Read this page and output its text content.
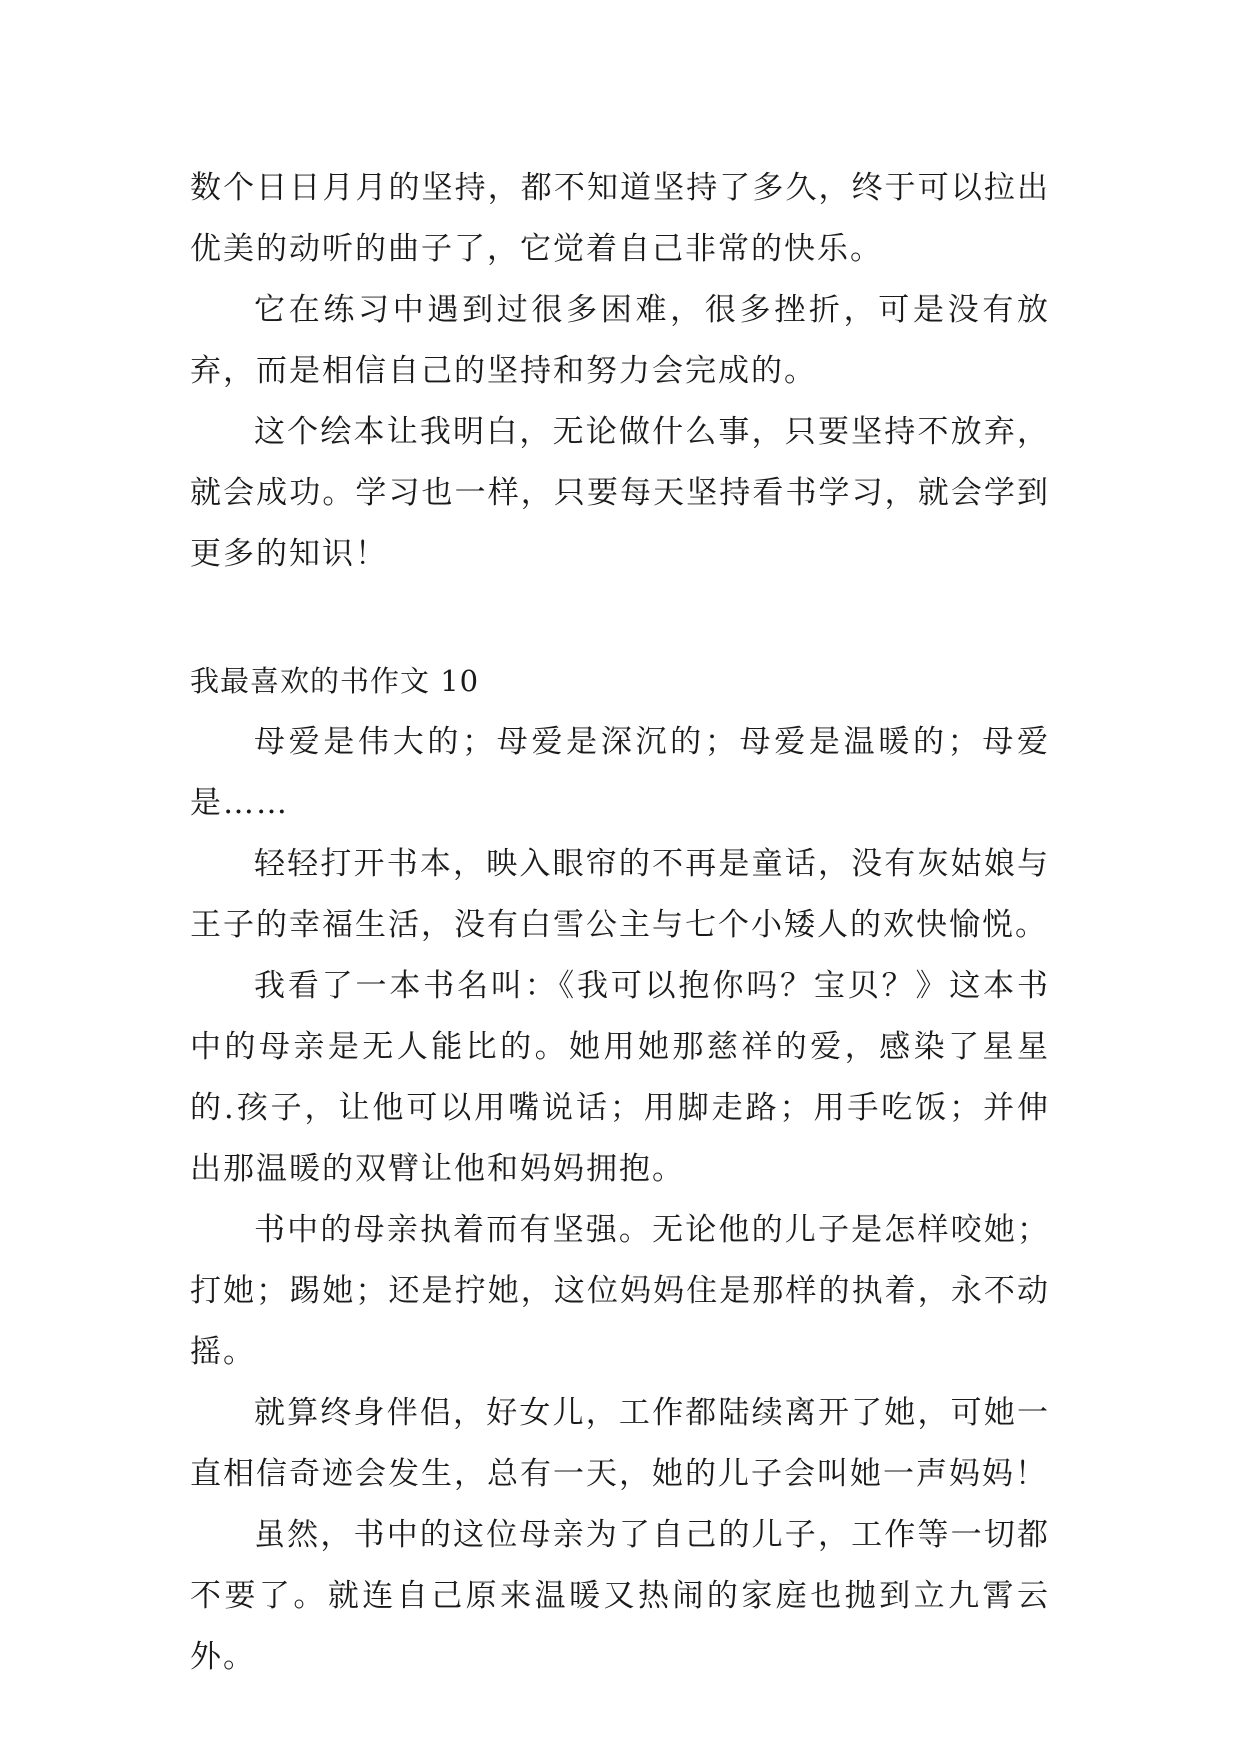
数个日日月月的坚持，都不知道坚持了多久，终于可以拉出优美的动听的曲子了，它觉着自己非常的快乐。

它在练习中遇到过很多困难，很多挫折，可是没有放弃，而是相信自己的坚持和努力会完成的。

这个绘本让我明白，无论做什么事，只要坚持不放弃，就会成功。学习也一样，只要每天坚持看书学习，就会学到更多的知识！

我最喜欢的书作文 10

母爱是伟大的；母爱是深沉的；母爱是温暖的；母爱是……

轻轻打开书本，映入眼帘的不再是童话，没有灰姑娘与王子的幸福生活，没有白雪公主与七个小矮人的欢快愉悦。

我看了一本书名叫：《我可以抱你吗？宝贝？》这本书中的母亲是无人能比的。她用她那慈祥的爱，感染了星星的.孩子，让他可以用嘴说话；用脚走路；用手吃饭；并伸出那温暖的双臂让他和妈妈拥抱。

书中的母亲执着而有坚强。无论他的儿子是怎样咬她；打她；踢她；还是拧她，这位妈妈住是那样的执着，永不动摇。

就算终身伴侣，好女儿，工作都陆续离开了她，可她一直相信奇迹会发生，总有一天，她的儿子会叫她一声妈妈！

虽然，书中的这位母亲为了自己的儿子，工作等一切都不要了。就连自己原来温暖又热闹的家庭也抛到立九霄云外。
